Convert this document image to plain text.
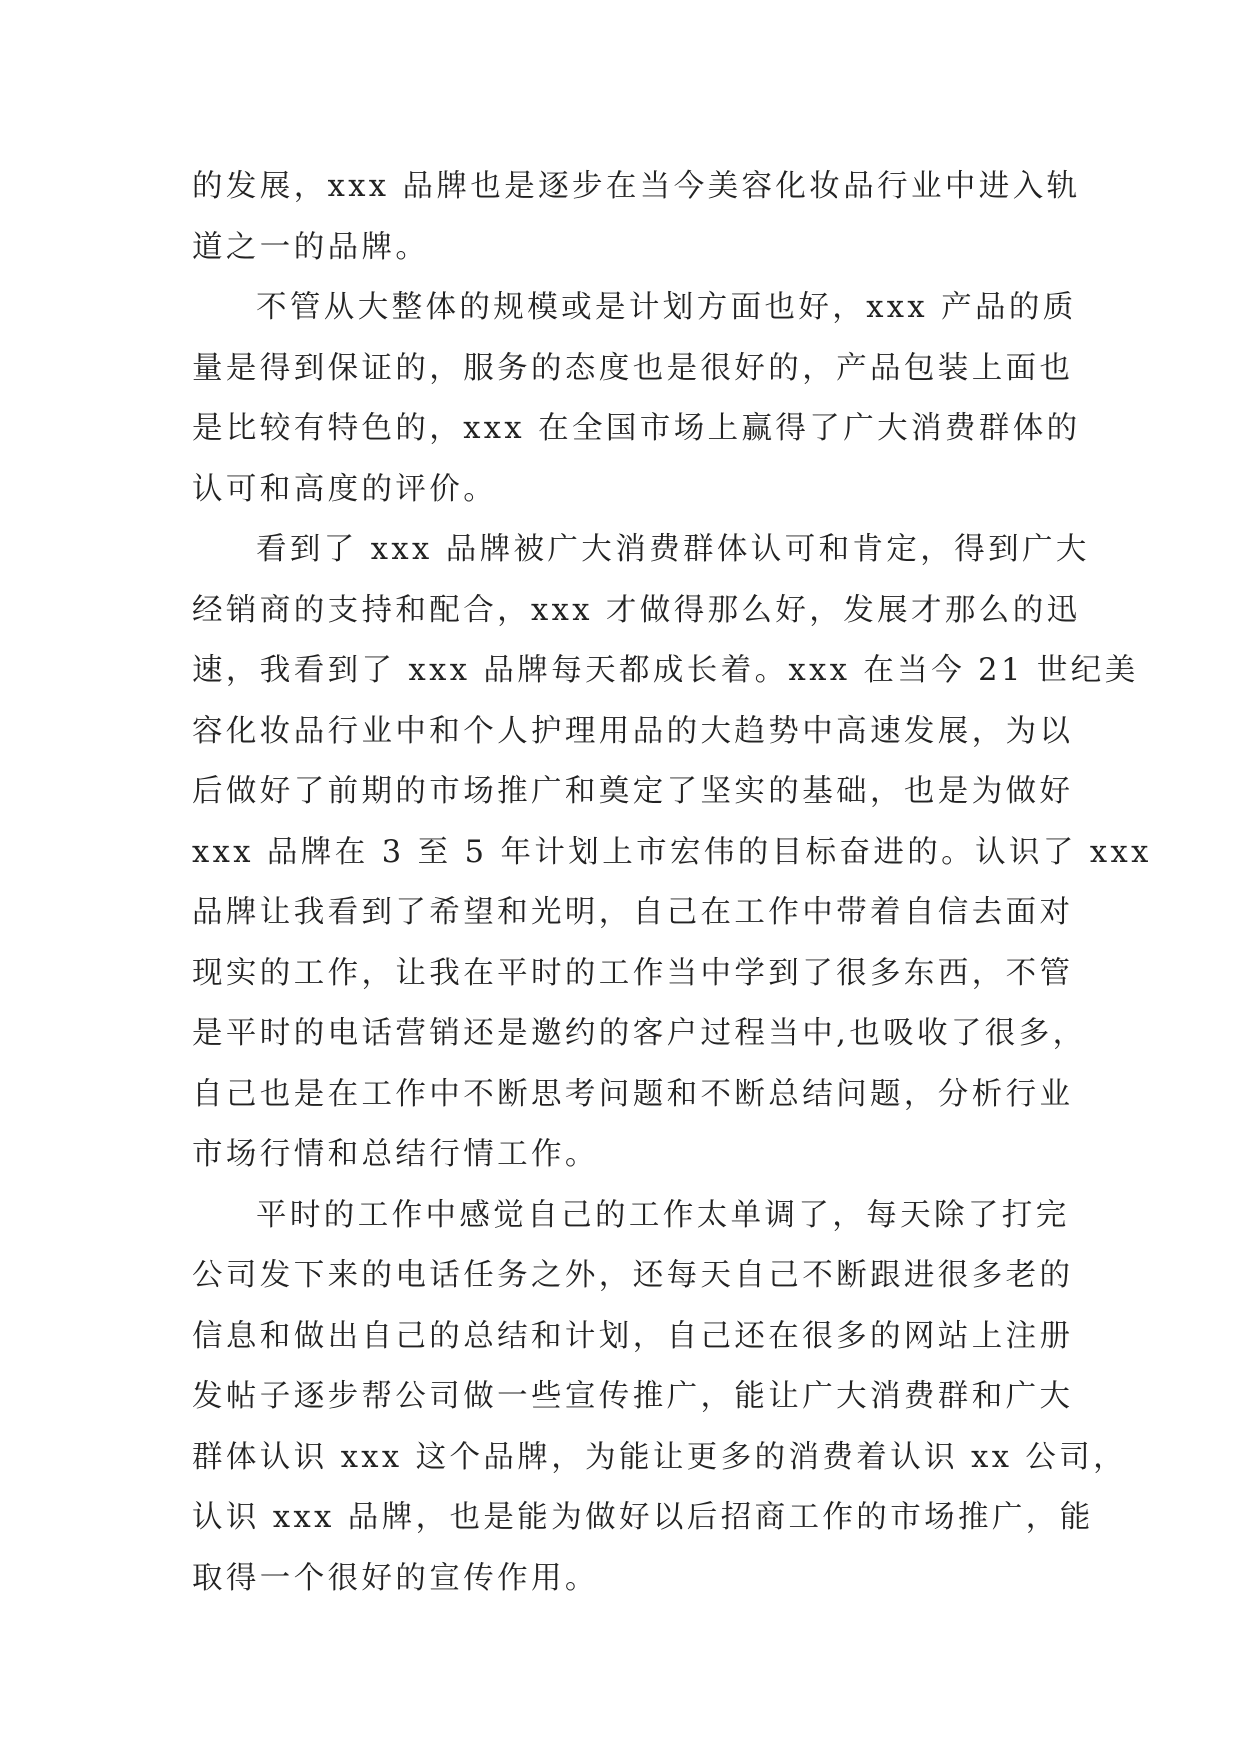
的发展，xxx 品牌也是逐步在当今美容化妆品行业中进入轨
道之一的品牌。
不管从大整体的规模或是计划方面也好，xxx 产品的质
量是得到保证的，服务的态度也是很好的，产品包装上面也
是比较有特色的，xxx 在全国市场上赢得了广大消费群体的
认可和高度的评价。
看到了 xxx 品牌被广大消费群体认可和肯定，得到广大
经销商的支持和配合，xxx 才做得那么好，发展才那么的迅
速，我看到了 xxx 品牌每天都成长着。xxx 在当今 21 世纪美
容化妆品行业中和个人护理用品的大趋势中高速发展，为以
后做好了前期的市场推广和奠定了坚实的基础，也是为做好
xxx 品牌在 3 至 5 年计划上市宏伟的目标奋进的。认识了 xxx
品牌让我看到了希望和光明，自己在工作中带着自信去面对
现实的工作，让我在平时的工作当中学到了很多东西，不管
是平时的电话营销还是邀约的客户过程当中,也吸收了很多，
自己也是在工作中不断思考问题和不断总结问题，分析行业
市场行情和总结行情工作。
平时的工作中感觉自己的工作太单调了，每天除了打完
公司发下来的电话任务之外，还每天自己不断跟进很多老的
信息和做出自己的总结和计划，自己还在很多的网站上注册
发帖子逐步帮公司做一些宣传推广，能让广大消费群和广大
群体认识 xxx 这个品牌，为能让更多的消费着认识 xx 公司，
认识 xxx 品牌，也是能为做好以后招商工作的市场推广，能
取得一个很好的宣传作用。
